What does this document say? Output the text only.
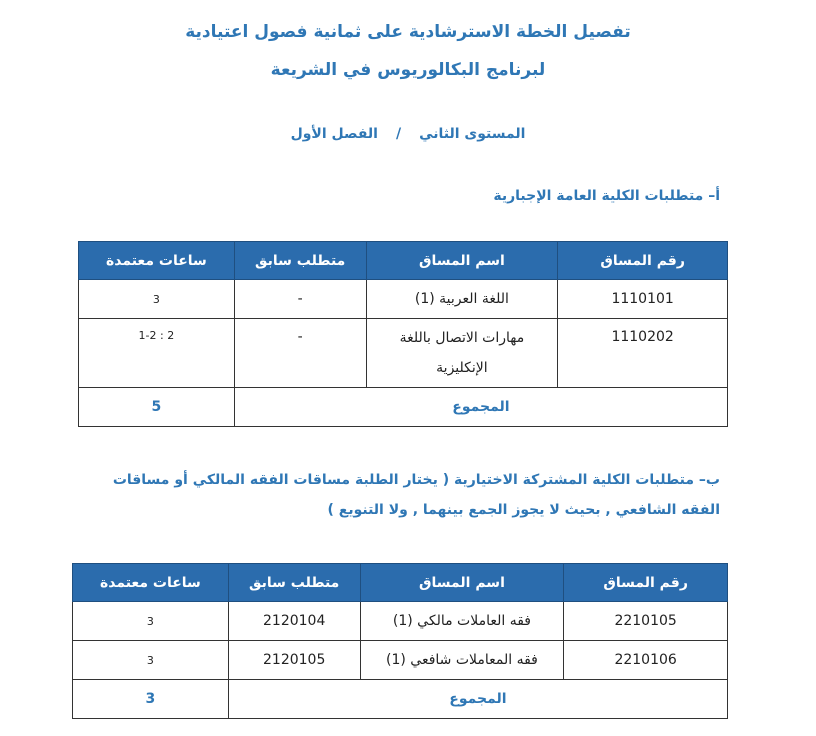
تفصيل الخطة الاسترشادية على ثمانية فصول اعتيادية
لبرنامج البكالوريوس في الشريعة
المستوى الثاني/الفصل الأول
أ– متطلبات الكلية العامة الإجبارية
رقم المساق	اسم المساق	متطلب سابق	ساعات معتمدة
1110101	اللغة العربية (1)	-	3
1110202	مهارات الاتصال باللغة الإنكليزية	-	1-2 : 2
المجموع			5
ب– متطلبات الكلية المشتركة الاختيارية ( يختار الطلبة مساقات الفقه المالكي أو مساقات
الفقه الشافعي , بحيث لا يجوز الجمع بينهما , ولا التنويع )
رقم المساق	اسم المساق	متطلب سابق	ساعات معتمدة
2210105	فقه العاملات مالكي (1)	2120104	3
2210106	فقه المعاملات شافعي (1)	2120105	3
المجموع			3
